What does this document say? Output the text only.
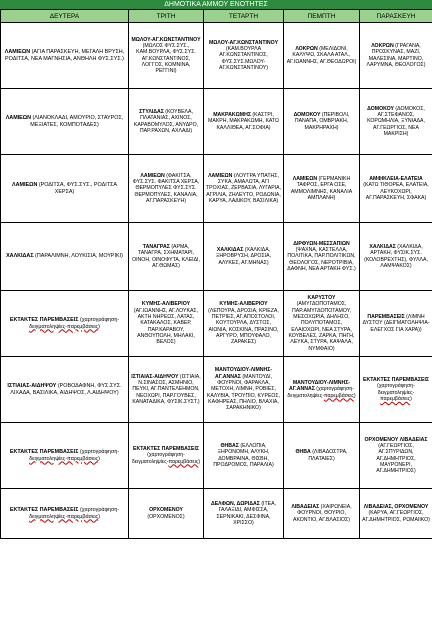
ΔΗΜΟΤΙΚΑ ΑΜΜΟΥ ΕΝΟΤΗΤΕΣ
ΔΕΥΤΕΡΑ	ΤΡΙΤΗ	ΤΕΤΑΡΤΗ	ΠΕΜΠΤΗ	ΠΑΡΑΣΚΕΥΗ
ΛΑΜΙΕΩΝ (ΑΓΙΑ ΠΑΡΑΣΚΕΥΗ, ΜΕΓΑΛΗ ΒΡΥΣΗ, ΡΟΔΙΤΣΑ, ΝΕΑ ΜΑΓΝΗΣΙΑ, ΑΝΘΗΛΗ ΦΥΣ.ΣΥΣ.)	ΜΩΛΟΥ-ΑΓ.ΚΩΝΣΤΑΝΤΙΝΟΥ (ΜΩΛΟΣ ΦΥΣ.ΣΥΣ., ΚΑΜ.ΒΟΥΡΛΑ, ΦΥΣ.ΣΥΣ. ΑΓ.ΚΩΝΣΤΑΝΤΙΝΟΣ, ΛΟΓΓΟΣ, ΚΟΜΝΙΝΑ, ΡΕΓΓΙΝΙ)	ΜΩΛΟΥ-ΑΓ.ΚΩΝΣΤΑΝΤΙΝΟΥ (ΚΑΜ.ΒΟΥΡΛΑ ΑΓ.ΚΩΝΣΤΑΝΤΙΝΟΣ, ΦΥΣ.ΣΥΣ.ΜΩΛΟΥ-ΑΓ.ΚΩΝΣΤΑΝΤΙΝΟΥ)	ΛΟΚΡΩΝ (ΜΕΛΙΔΟΝΙ, ΚΑΛΥΨΩ, ΣΚΑΛΑ ΑΤΑΛ., ΑΓ.ΙΩΑΝΝΗΣ, ΑΓ.ΘΕΟΔΩΡΟΙ)	ΛΟΚΡΩΝ (ΓΡΑΓΑΝΑ, ΠΡΟΣΚΥΝΑΣ, ΜΑΖΙ, ΜΑΛΕΣΙΝΑ, ΜΑΡΤΙΝΟ, ΛΑΡΥΜΝΑ, ΘΕΟΛΟΓΟΣ)
ΛΑΜΙΕΩΝ (ΛΙΑΝΟΚΛΑΔΙ, ΑΜΟΥΡΙΟ, ΣΤΑΥΡΟΣ, ΜΕΞΙΑΤΕΣ, ΚΟΜΠΟΤΑΔΕΣ)	ΣΤΥΛΙΔΑΣ (ΚΟΥΒΕΛΑ, ΠΛΑΤΑΝΙΑΣ, ΑΧΙΝΟΣ, ΚΑΡΑΒΟΜΥΛΟΣ, ΑΝΥΔΡΟ, ΠΑΡ.ΡΑΧΩΝ, ΑΧΛΑΔΙ)	ΜΑΚΡΑΚΩΜΗΣ (ΚΑΣΤΡΙ, ΜΑΚΡΗ, ΜΑΚΡΑΚΩΜΗ, ΚΑΤΩ ΚΑΛΛΙΘΕΑ, ΑΓ.ΣΟΦΙΑ)	ΔΟΜΟΚΟΥ (ΠΕΡΙΒΟΛΙ, ΠΑΝΑΠΑ, ΟΜΒΡΙΑΚΗ, ΜΑΚΡΗΡΑΧΗ)	ΔΟΜΟΚΟΥ (ΔΟΜΟΚΟΣ, ΑΓ.ΣΤΕΦΑΝΟΣ, ΚΟΡΩΜΗΛΙΑ, ΞΥΝΙΑΔΑ, ΑΓ.ΓΕΩΡΓΙΟΣ, ΝΕΑ ΜΑΚΡΙΣΗ)
ΛΑΜΙΕΩΝ (ΡΟΔΙΤΣΑ, ΦΥΣ.ΣΥΣ., ΡΟΔΙΤΣΑ ΧΕΡΣΑ)	ΛΑΜΙΕΩΝ (ΦΑΚΙΤΣΑ, ΦΥΣ.ΣΥΣ. ΦΑΚΙΤΣΑ ΧΕΡΣΑ, ΘΕΡΜΟΠΥΛΕΣ ΦΥΣ.ΣΥΣ. ΘΕΡΜΟΠΥΛΕΣ, ΚΑΝΑΛΙΑ, ΑΓ.ΠΑΡΑΣΚΕΥΗ)	ΛΑΜΙΕΩΝ (ΛΟΥΤΡΑ ΥΠΑΤΗΣ, ΣΥΚΑ, ΑΜΑΛΩΤΑ, ΑΓΙ ΤΡΟΧΙΑΣ, ΖΕΡΒΑΣΙΑ, ΛΥΓΑΡΙΑ, ΑΓΡΙΛΙΑ, ΖΗΛΕΥΤΟ, ΡΟΔΩΝΙΑ, ΚΑΡΥΑ, ΛΑΔΙΚΟΥ, ΒΑΣΙΛΙΚΑ)	ΛΑΜΙΕΩΝ (ΓΕΡΜΑΝΙΚΗ ΤΑΦΡΟΣ, ΕΡΓΑ ΟΣΕ, ΑΜΜΟΛΙΜΝΗΣ, ΚΑΝΑΛΙΑ ΑΜΠΛΑΝΗ)	ΑΜΦΙΚΛΕΙΑ-ΕΛΑΤΕΙΑ (ΚΑΤΩ ΤΙΘΟΡΕΑ, ΕΛΑΤΕΙΑ, ΛΕΥΚΟΧΩΡΙ, ΑΓ.ΠΑΡΑΣΚΕΥΗ, ΣΦΑΚΑ)
ΧΑΛΚΙΔΑΣ (ΠΑΡΑΛΙΜΝΗ, ΛΟΥΚΙΣΙΑ, ΜΟΥΡΙΚΙ)	ΤΑΝΑΓΡΑΣ (ΑΡΜΑ, ΤΑΝΑΓΡΑ, ΣΧΗΜΑΤΑΡΙ, ΟΙΝΟΗ, ΟΙΝΟΦΥΤΑ, ΚΛΕΙΔΙ, ΑΓ.ΘΩΜΑΣ)	ΧΑΛΚΙΔΑΣ (ΧΑΛΚΙΔΑ, ΞΗΡΟΒΡΥΣΗ, ΔΡΟΣΙΑ, ΑΛΥΚΕΣ, ΑΓ.ΜΗΝΑΣ)	ΔΙΡΦΥΩΝ-ΜΕΣΣΑΠΙΩΝ (ΨΑΧΝΑ, ΚΑΣΤΕΛΛΑ, ΠΟΛΙΤΙΚΑ, ΠΑΡ.ΠΟΛΙΤΙΚΩΝ, ΘΕΟΛΟΓΟΣ, ΝΕΡΟΤΡΙΒΙΑ, ΔΑΦΝΗ, ΝΕΑ ΑΡΤΑΚΗ ΦΥΣ.)	ΧΑΛΚΙΔΑΣ (ΧΑΛΚΙΔΑ, ΑΡΤΑΚΗ, ΦΥΣΙΚ.ΣΥΣ. (ΚΟΛΟΒΡΕΧΤΗΣ), ΦΥΛΛΑ, ΛΑΜΨΑΚΟΣ)
ΕΚΤΑΚΤΕΣ ΠΑΡΕΜΒΑΣΕΙΣ (χαρτογράφηση-δειγματοληψίες-παρεμβάσεις)	ΚΥΜΗΣ-ΑΛΙΒΕΡΙΟΥ (ΑΓ.ΙΩΑΝΝΗΣ, ΑΓ.ΛΟΥΚΑΣ, ΑΚΤΗ ΝΗΡΕΩΣ, ΛΑΤΑΣ, ΚΑΤΑΚΑΛΟΣ, ΚΑΒΕΡ, ΠΑΡ.ΚΑΡΑΒΟΥ, ΑΝΘΟΥΠΟΛΗ, ΜΗΛΑΚΙ, ΒΕΛΟΣ)	ΚΥΜΗΣ-ΑΛΙΒΕΡΙΟΥ (ΛΕΠΟΥΡΑ, ΔΡΟΣΙΑ, ΚΡΙΕΖΑ, ΠΕΤΡΙΕΣ, ΑΓ.ΑΠΟΣΤΟΛΟΙ, ΚΟΥΤΟΥΡΛΑ, ΔΥΣΤΟΣ, ΑΙΩΝΙΑ, ΚΟΣΚΙΝΑ, ΠΡΑΣΙΝΟ, ΑΡΓΥΡΟ, ΜΠΟΥΦΑΛΟ, ΖΑΡΑΚΕΣ)	ΚΑΡΥΣΤΟΥ (ΑΜΥΓΔΟΠΟΤΑΜΟΣ, ΠΑΡ.ΑΜΥΓΔΟΠΟΤΑΜΟΥ, ΜΕΣΟΧΩΡΙΑ, ΔΗΛΗΣΟ, ΠΟΛΥΠΟΤΑΜΟΣ, ΕΛΑΙΟΧΩΡΙ, ΝΕΑ ΣΤΥΡΑ, ΚΟΥΒΕΛΕΣ, ΖΑΡΚΑ, ΠΗΓΗ, ΛΕΥΚΑ, ΣΤΥΡΑ, ΚΑΨΑΛΑ, ΝΥΜΦΑΙΟ)	ΠΑΡΕΜΒΑΣΕΙΣ (ΛΙΜΝΗ ΔΥΣΤΟΥ (ΔΕΙΓΜΑΤΟΛΗΨΙΑ-ΕΛΕΓΧΟΣ ΓΙΑ ΧΑΡΑ))
ΙΣΤΙΑΙΑΣ-ΑΙΔΗΨΟΥ (ΡΟΒΟΔΑΦΝΗ, ΦΥΣ.ΣΥΣ. ΛΙΧΑΔΑ, ΒΑΣΙΛΙΚΑ, ΑΙΔΗΨΟΣ, Λ.ΑΙΔΗΨΟΥ)	ΙΣΤΙΑΙΑΣ-ΑΙΔΗΨΟΥ (ΙΣΤΙΑΙΑ, Ν.ΣΙΝΑΣΟΣ, ΑΣΜΗΝΙΟ, ΠΕΥΚΙ, ΑΓ.ΠΑΝΤΕΛΕΗΜΟΝ, ΝΕΟΧΩΡΙ, ΠΑΡ.ΓΟΥΒΕΣ, ΚΑΝΑΤΑΔΙΚΑ, ΦΥΣΙΚ.ΣΥΣΤ.)	ΜΑΝΤΟΥΔΙΟΥ-ΛΙΜΝΗΣ-ΑΓ.ΑΝΝΑΣ (ΜΑΝΤΟΥΔΙ, ΦΟΥΡΝΟΙ, ΦΑΡΑΚΛΑ, ΜΕΤΟΧΗ, ΛΙΜΝΗ, ΡΟΒΙΕΣ, ΚΑΛΥΒΙΑ, ΤΡΟΥΠΙΟ, ΚΥΡΕΟΣ, ΚΑΦΗΡΕΑΣ, ΠΗΛΙΟ, ΒΛΑΧΙΑ, ΣΑΡΑΚΗΝΙΚΟ)	ΜΑΝΤΟΥΔΙΟΥ-ΛΙΜΝΗΣ-ΑΓ.ΑΝΝΑΣ (χαρτογράφηση-δειγματοληψίες-παρεμβάσεις)	ΕΚΤΑΚΤΕΣ ΠΑΡΕΜΒΑΣΕΙΣ (χαρτογράφηση-δειγματοληψίες-παρεμβάσεις)
ΕΚΤΑΚΤΕΣ ΠΑΡΕΜΒΑΣΕΙΣ (χαρτογράφηση-δειγματοληψίες-παρεμβάσεις)	ΕΚΤΑΚΤΕΣ ΠΑΡΕΜΒΑΣΕΙΣ (χαρτογράφηση-δειγματοληψίες-παρεμβάσεις)	ΘΗΒΑΣ (ΕΛΛΟΠΙΑ, ΞΗΡΟΝΟΜΗ, ΑΛΥΚΗ, ΔΟΜΒΡΑΙΝΑ, ΘΙΣΒΗ, ΠΡΟΔΡΟΜΟΣ, ΠΑΡΑΛΙΑ)	ΘΗΒΑ (ΛΙΒΑΔΟΣΤΡΑ, ΠΛΑΤΑΙΕΣ)	ΟΡΧΟΜΕΝΟΥ ΛΙΒΑΔΕΙΑΣ (ΑΓ.ΓΕΩΡΓΙΟΣ, ΑΓ.ΣΠΥΡΙΔΩΝ, ΑΓ.ΔΗΜΗΤΡΙΟΣ, ΜΑΥΡΟΝΕΡΙ, ΑΓ.ΔΗΜΗΤΡΙΟΣ)
ΕΚΤΑΚΤΕΣ ΠΑΡΕΜΒΑΣΕΙΣ (χαρτογράφηση-δειγματοληψίες-παρεμβάσεις)	ΟΡΧΟΜΕΝΟΥ (ΟΡΧΟΜΕΝΟΣ)	ΔΕΛΦΩΝ, ΔΩΡΙΔΑΣ (ΙΤΕΑ, ΓΑΛΑΞΙΔΙ, ΑΜΦΙΣΣΑ, ΣΕΡΝΙΚΑΚΙ, ΔΕΣΦΙΝΑ, ΧΡΙΣΣΟ)	ΛΙΒΑΔΕΙΑΣ (ΧΑΙΡΩΝΕΙΑ, ΦΟΥΡΝΟΙ, ΘΟΥΡΙΟ, ΑΚΟΝΤΙΟ, ΑΓ.ΒΛΑΣΙΟΣ)	ΛΙΒΑΔΕΙΑΣ, ΟΡΧΟΜΕΝΟΥ (ΚΑΡΥΑ, ΑΓ.ΓΕΩΡΓΙΟΣ, ΑΓ.ΔΗΜΗΤΡΙΟΣ, ΡΩΜΑΙΙΚΟ)
